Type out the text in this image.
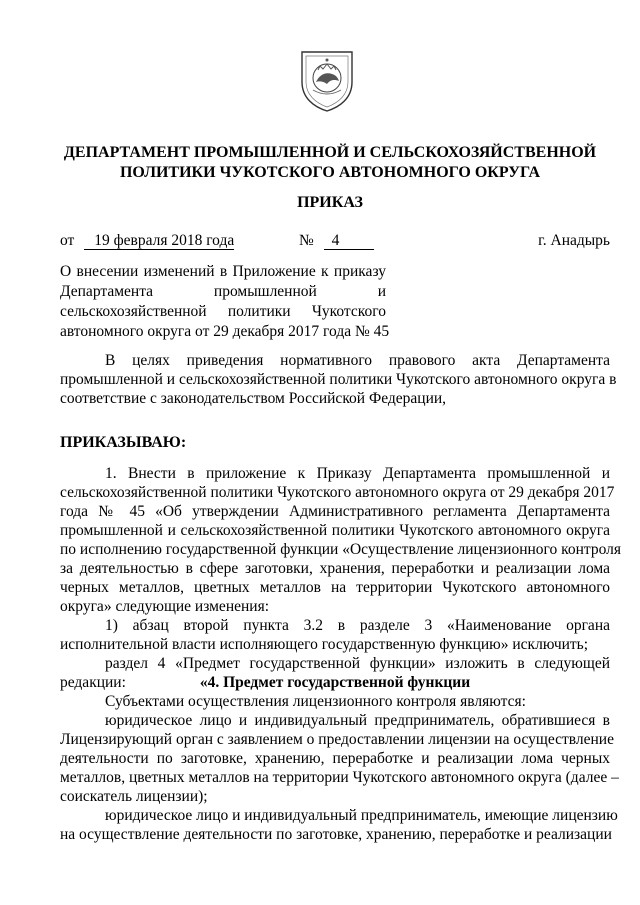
ДЕПАРТАМЕНТ ПРОМЫШЛЕННОЙ И СЕЛЬСКОХОЗЯЙСТВЕННОЙ
ПОЛИТИКИ ЧУКОТСКОГО АВТОНОМНОГО ОКРУГА
ПРИКАЗ
от 19 февраля 2018 года	№ 4	г. Анадырь
О внесении изменений в Приложение к приказу
Департамента промышленной и
сельскохозяйственной политики Чукотского
автономного округа от 29 декабря 2017 года № 45
В целях приведения нормативного правового акта Департамента
промышленной и сельскохозяйственной политики Чукотского автономного округа в
соответствие с законодательством Российской Федерации,
ПРИКАЗЫВАЮ:
1. Внести в приложение к Приказу Департамента промышленной и
сельскохозяйственной политики Чукотского автономного округа от 29 декабря 2017
года № 45 «Об утверждении Административного регламента Департамента
промышленной и сельскохозяйственной политики Чукотского автономного округа
по исполнению государственной функции «Осуществление лицензионного контроля
за деятельностью в сфере заготовки, хранения, переработки и реализации лома
черных металлов, цветных металлов на территории Чукотского автономного
округа» следующие изменения:
1) абзац второй пункта 3.2 в разделе 3 «Наименование органа
исполнительной власти исполняющего государственную функцию» исключить;
раздел 4 «Предмет государственной функции» изложить в следующей
редакции:	«4. Предмет государственной функции
Субъектами осуществления лицензионного контроля являются:
юридическое лицо и индивидуальный предприниматель, обратившиеся в
Лицензирующий орган с заявлением о предоставлении лицензии на осуществление
деятельности по заготовке, хранению, переработке и реализации лома черных
металлов, цветных металлов на территории Чукотского автономного округа (далее –
соискатель лицензии);
юридическое лицо и индивидуальный предприниматель, имеющие лицензию
на осуществление деятельности по заготовке, хранению, переработке и реализации
